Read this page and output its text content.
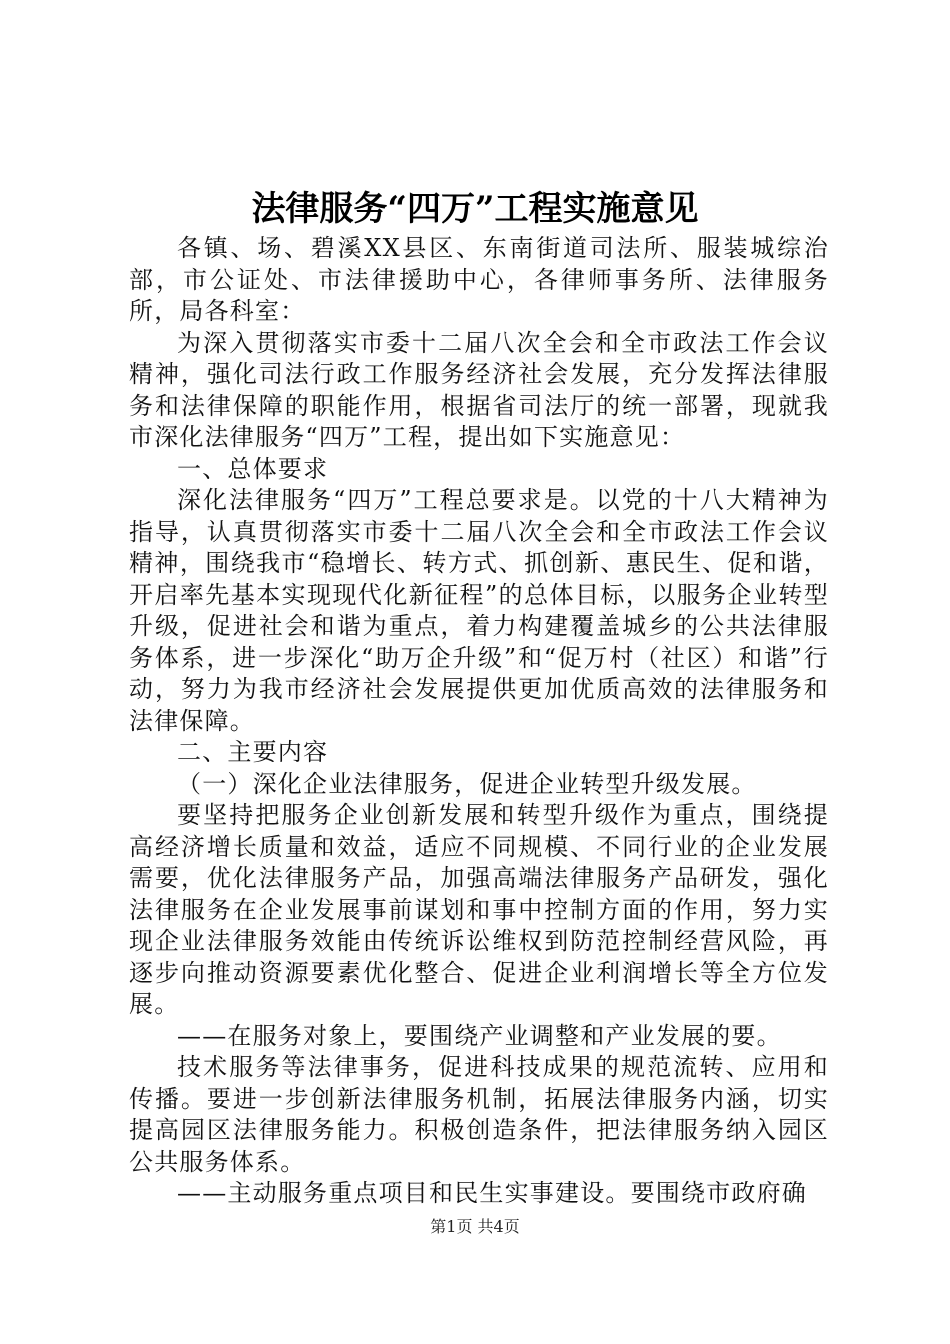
法律服务“四万”工程实施意见

各镇、场、碧溪XX县区、东南街道司法所、服装城综治部，市公证处、市法律援助中心，各律师事务所、法律服务所，局各科室：

为深入贯彻落实市委十二届八次全会和全市政法工作会议精神，强化司法行政工作服务经济社会发展，充分发挥法律服务和法律保障的职能作用，根据省司法厅的统一部署，现就我市深化法律服务“四万”工程，提出如下实施意见：

一、总体要求

深化法律服务“四万”工程总要求是。以党的十八大精神为指导，认真贯彻落实市委十二届八次全会和全市政法工作会议精神，围绕我市“稳增长、转方式、抓创新、惠民生、促和谐，开启率先基本实现现代化新征程”的总体目标，以服务企业转型升级，促进社会和谐为重点，着力构建覆盖城乡的公共法律服务体系，进一步深化“助万企升级”和“促万村（社区）和谐”行动，努力为我市经济社会发展提供更加优质高效的法律服务和法律保障。

二、主要内容

（一）深化企业法律服务，促进企业转型升级发展。

要坚持把服务企业创新发展和转型升级作为重点，围绕提高经济增长质量和效益，适应不同规模、不同行业的企业发展需要，优化法律服务产品，加强高端法律服务产品研发，强化法律服务在企业发展事前谋划和事中控制方面的作用，努力实现企业法律服务效能由传统诉讼维权到防范控制经营风险，再逐步向推动资源要素优化整合、促进企业利润增长等全方位发展。

——在服务对象上，要围绕产业调整和产业发展的要。

技术服务等法律事务，促进科技成果的规范流转、应用和传播。要进一步创新法律服务机制，拓展法律服务内涵，切实提高园区法律服务能力。积极创造条件，把法律服务纳入园区公共服务体系。

——主动服务重点项目和民生实事建设。要围绕市政府确

第1页 共4页
